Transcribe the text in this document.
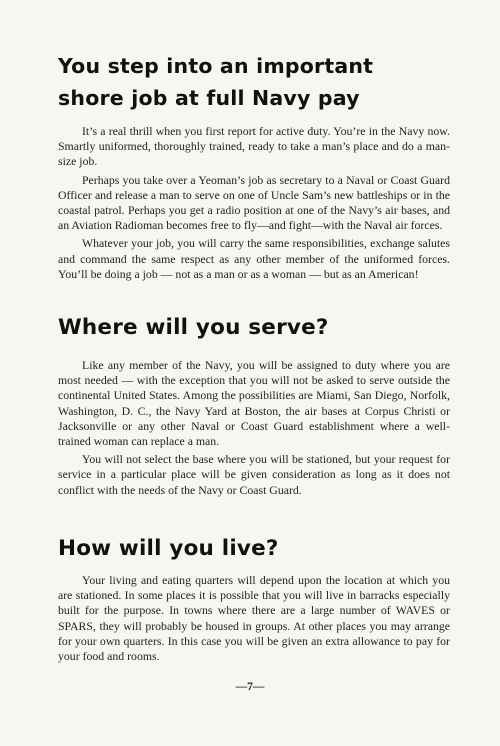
You step into an important
shore job at full Navy pay

It’s a real thrill when you first report for active duty. You’re in the Navy now. Smartly uniformed, thoroughly trained, ready to take a man’s place and do a man-size job.

Perhaps you take over a Yeoman’s job as secretary to a Naval or Coast Guard Officer and release a man to serve on one of Uncle Sam’s new battleships or in the coastal patrol. Perhaps you get a radio position at one of the Navy’s air bases, and an Aviation Radioman becomes free to fly—and fight—with the Naval air forces.

Whatever your job, you will carry the same responsibilities, exchange salutes and command the same respect as any other member of the uniformed forces. You’ll be doing a job — not as a man or as a woman — but as an American!

Where will you serve?

Like any member of the Navy, you will be assigned to duty where you are most needed — with the exception that you will not be asked to serve outside the continental United States. Among the possibilities are Miami, San Diego, Norfolk, Washington, D. C., the Navy Yard at Boston, the air bases at Corpus Christi or Jacksonville or any other Naval or Coast Guard establishment where a well-trained woman can replace a man.

You will not select the base where you will be stationed, but your request for service in a particular place will be given consideration as long as it does not conflict with the needs of the Navy or Coast Guard.

How will you live?

Your living and eating quarters will depend upon the location at which you are stationed. In some places it is possible that you will live in barracks especially built for the purpose. In towns where there are a large number of WAVES or SPARS, they will probably be housed in groups. At other places you may arrange for your own quarters. In this case you will be given an extra allowance to pay for your food and rooms.

—7—
